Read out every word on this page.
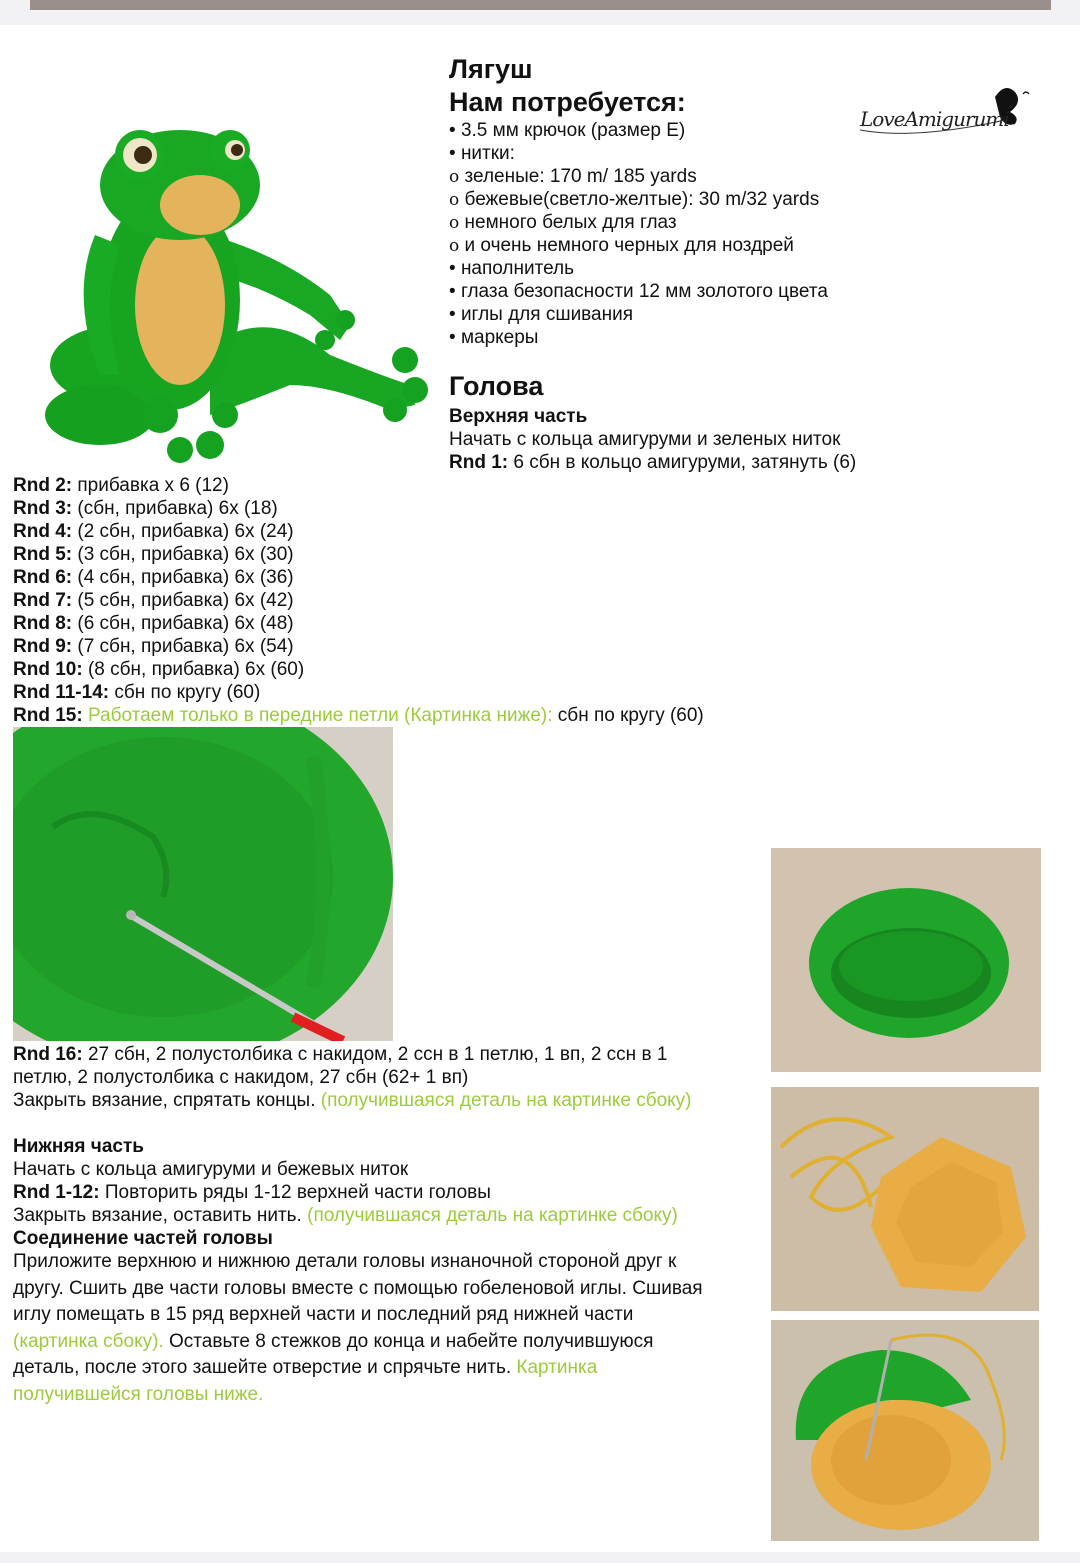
Лягуш
Нам потребуется:
LoveAmigurumi
• 3.5 мм крючок (размер Е)
• нитки:
o зеленые: 170 m/ 185 yards
o бежевые(светло-желтые): 30 m/32 yards
o немного белых для глаз
o и очень немного черных для ноздрей
• наполнитель
• глаза безопасности 12 мм золотого цвета
• иглы для сшивания
• маркеры
Голова
Верхняя часть
Начать с кольца амигуруми и зеленых ниток
Rnd 1: 6 сбн в кольцо амигуруми, затянуть (6)
Rnd 2: прибавка х 6 (12)
Rnd 3: (сбн, прибавка) 6х (18)
Rnd 4: (2 сбн, прибавка) 6х (24)
Rnd 5: (3 сбн, прибавка) 6х (30)
Rnd 6: (4 сбн, прибавка) 6х (36)
Rnd 7: (5 сбн, прибавка) 6х (42)
Rnd 8: (6 сбн, прибавка) 6х (48)
Rnd 9: (7 сбн, прибавка) 6х (54)
Rnd 10: (8 сбн, прибавка) 6х (60)
Rnd 11-14: сбн по кругу (60)
Rnd 15: Работаем только в передние петли (Картинка ниже): сбн по кругу (60)
Rnd 16: 27 сбн, 2 полустолбика с накидом, 2 ссн в 1 петлю, 1 вп, 2 ссн в 1
петлю, 2 полустолбика с накидом, 27 сбн (62+ 1 вп)
Закрыть вязание, спрятать концы. (получившаяся деталь на картинке сбоку)
Нижняя часть
Начать с кольца амигуруми и бежевых ниток
Rnd 1-12: Повторить ряды 1-12 верхней части головы
Закрыть вязание, оставить нить. (получившаяся деталь на картинке сбоку)
Соединение частей головы
Приложите верхнюю и нижнюю детали головы изнаночной стороной друг к
другу. Сшить две части головы вместе с помощью гобеленовой иглы. Сшивая
иглу помещать в 15 ряд верхней части и последний ряд нижней части
(картинка сбоку). Оставьте 8 стежков до конца и набейте получившуюся
деталь, после этого зашейте отверстие и спрячьте нить. Картинка
получившейся головы ниже.
